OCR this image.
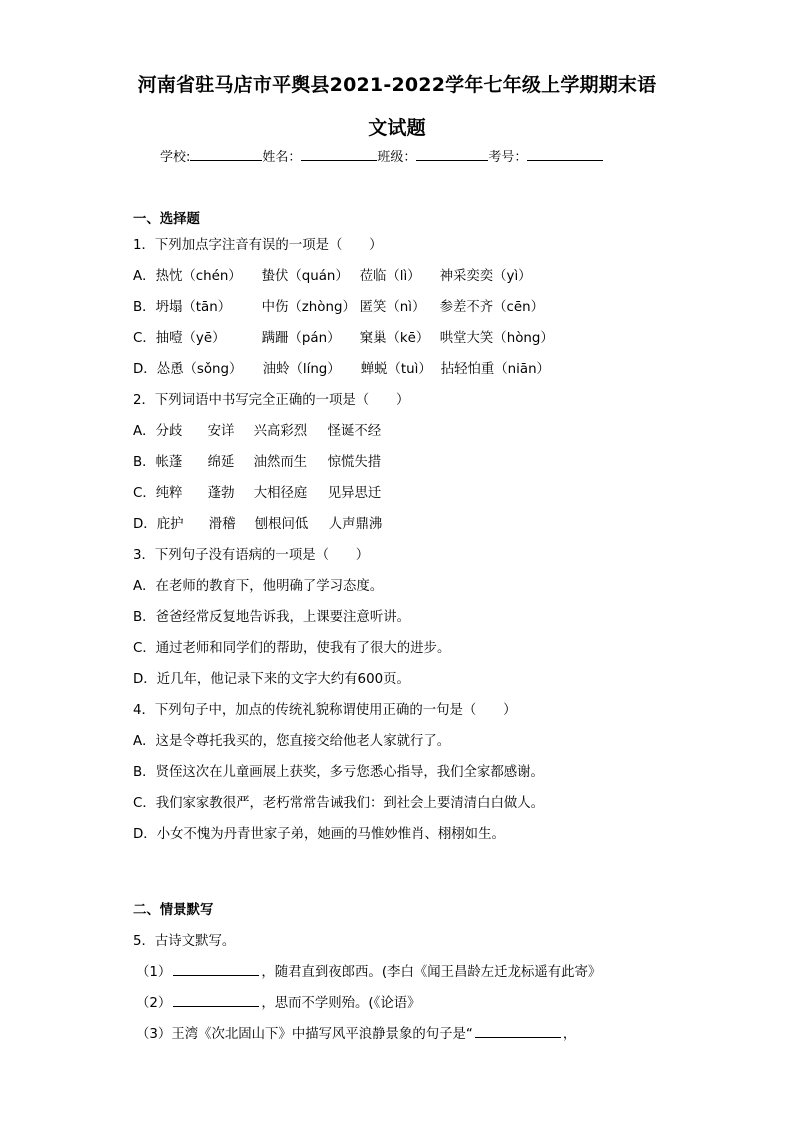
河南省驻马店市平舆县2021-2022学年七年级上学期期末语
文试题
学校:	姓名：	班级：	考号：
一、选择题
1．下列加点字注音有误的一项是（　　）
A．热忱（chén） 蛰伏（quán） 莅临（lì） 神采奕奕（yì）
B．坍塌（tān） 中伤（zhòng） 匿笑（nì） 参差不齐（cēn）
C．抽噎（yē）	蹒跚（pán） 窠巢（kē） 哄堂大笑（hòng）
D．怂恿（sǒng） 油蛉（líng） 蝉蜕（tuì） 拈轻怕重（niān）
2．下列词语中书写完全正确的一项是（　　）
A．分歧 安详 兴高彩烈 怪诞不经
B．帐蓬 绵延 油然而生 惊慌失措
C．纯粹 蓬勃 大相径庭 见异思迁
D．庇护 滑稽 刨根问低 人声鼎沸
3．下列句子没有语病的一项是（　　）
A．在老师的教育下，他明确了学习态度。
B．爸爸经常反复地告诉我，上课要注意听讲。
C．通过老师和同学们的帮助，使我有了很大的进步。
D．近几年，他记录下来的文字大约有600页。
4．下列句子中，加点的传统礼貌称谓使用正确的一句是（　　）
A．这是令尊托我买的，您直接交给他老人家就行了。
B．贤侄这次在儿童画展上获奖，多亏您悉心指导，我们全家都感谢。
C．我们家家教很严，老朽常常告诫我们：到社会上要清清白白做人。
D．小女不愧为丹青世家子弟，她画的马惟妙惟肖、栩栩如生。
二、情景默写
5．古诗文默写。
（1）	，随君直到夜郎西。(李白《闻王昌龄左迁龙标遥有此寄》
（2）	，思而不学则殆。(《论语》
（3）王湾《次北固山下》中描写风平浪静景象的句子是“	，
